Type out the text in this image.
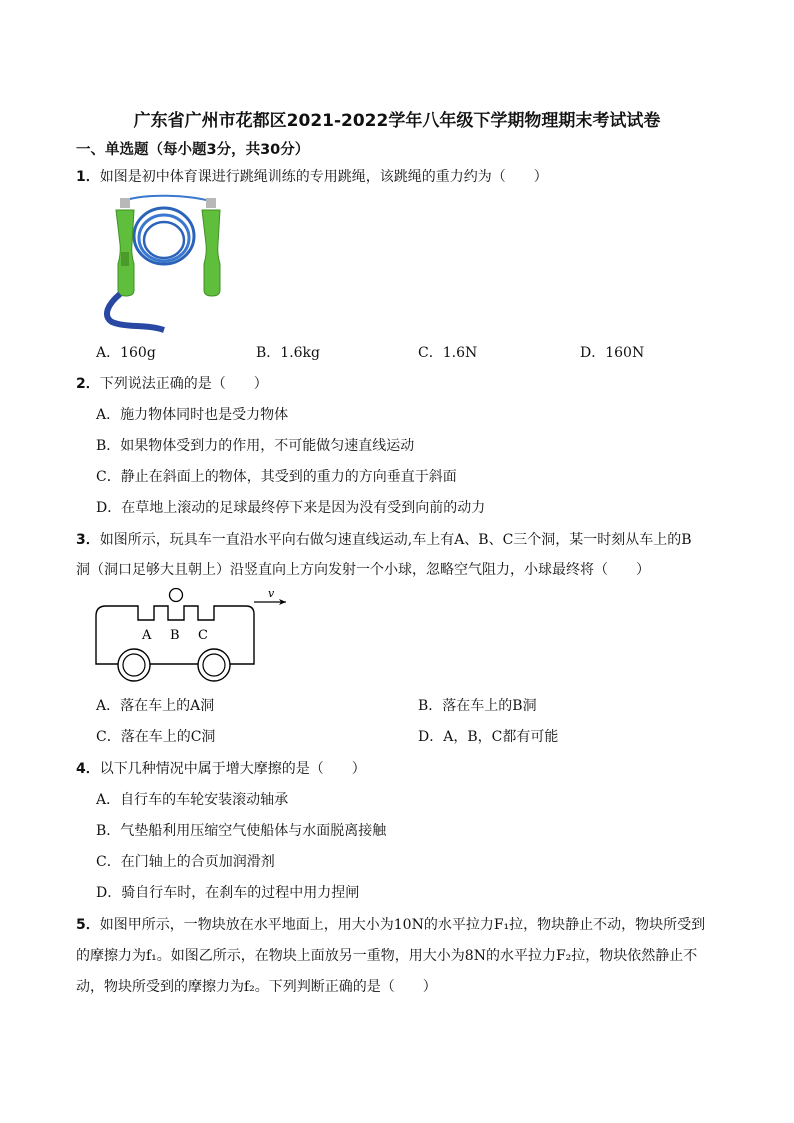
广东省广州市花都区2021-2022学年八年级下学期物理期末考试试卷
一、单选题（每小题3分，共30分）
1．如图是初中体育课进行跳绳训练的专用跳绳，该跳绳的重力约为（　　）
A．160g	B．1.6kg	C．1.6N	D．160N
2．下列说法正确的是（　　）
A．施力物体同时也是受力物体
B．如果物体受到力的作用，不可能做匀速直线运动
C．静止在斜面上的物体，其受到的重力的方向垂直于斜面
D．在草地上滚动的足球最终停下来是因为没有受到向前的动力
3．如图所示，玩具车一直沿水平向右做匀速直线运动,车上有A、B、C三个洞，某一时刻从车上的B
洞（洞口足够大且朝上）沿竖直向上方向发射一个小球，忽略空气阻力，小球最终将（　　）
v
A B C
A．落在车上的A洞	B．落在车上的B洞
C．落在车上的C洞	D．A，B，C都有可能
4．以下几种情况中属于增大摩擦的是（　　）
A．自行车的车轮安装滚动轴承
B．气垫船利用压缩空气使船体与水面脱离接触
C．在门轴上的合页加润滑剂
D．骑自行车时，在刹车的过程中用力捏闸
5．如图甲所示，一物块放在水平地面上，用大小为10N的水平拉力F₁拉，物块静止不动，物块所受到
的摩擦力为f₁。如图乙所示，在物块上面放另一重物，用大小为8N的水平拉力F₂拉，物块依然静止不
动，物块所受到的摩擦力为f₂。下列判断正确的是（　　）
